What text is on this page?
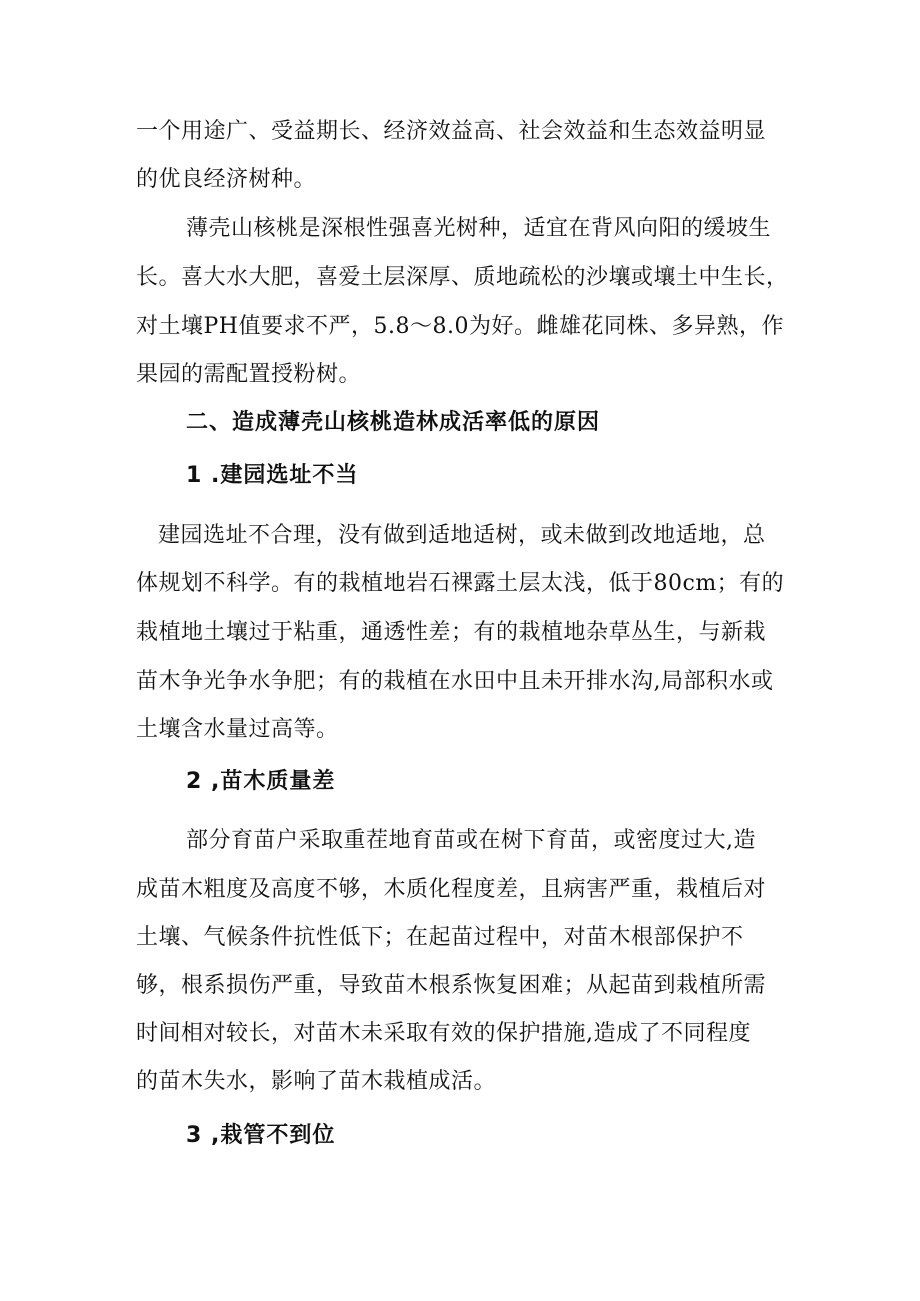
一个用途广、受益期长、经济效益高、社会效益和生态效益明显
的优良经济树种。
薄壳山核桃是深根性强喜光树种，适宜在背风向阳的缓坡生
长。喜大水大肥，喜爱土层深厚、质地疏松的沙壤或壤土中生长，
对土壤PH值要求不严，5.8～8.0为好。雌雄花同株、多异熟，作
果园的需配置授粉树。
二、造成薄壳山核桃造林成活率低的原因
1 .建园选址不当
建园选址不合理，没有做到适地适树，或未做到改地适地，总
体规划不科学。有的栽植地岩石裸露土层太浅，低于80cm；有的
栽植地土壤过于粘重，通透性差；有的栽植地杂草丛生，与新栽
苗木争光争水争肥；有的栽植在水田中且未开排水沟,局部积水或
土壤含水量过高等。
2 ,苗木质量差
部分育苗户采取重茬地育苗或在树下育苗，或密度过大,造
成苗木粗度及高度不够，木质化程度差，且病害严重，栽植后对
土壤、气候条件抗性低下；在起苗过程中，对苗木根部保护不
够，根系损伤严重，导致苗木根系恢复困难；从起苗到栽植所需
时间相对较长，对苗木未采取有效的保护措施,造成了不同程度
的苗木失水，影响了苗木栽植成活。
3 ,栽管不到位
